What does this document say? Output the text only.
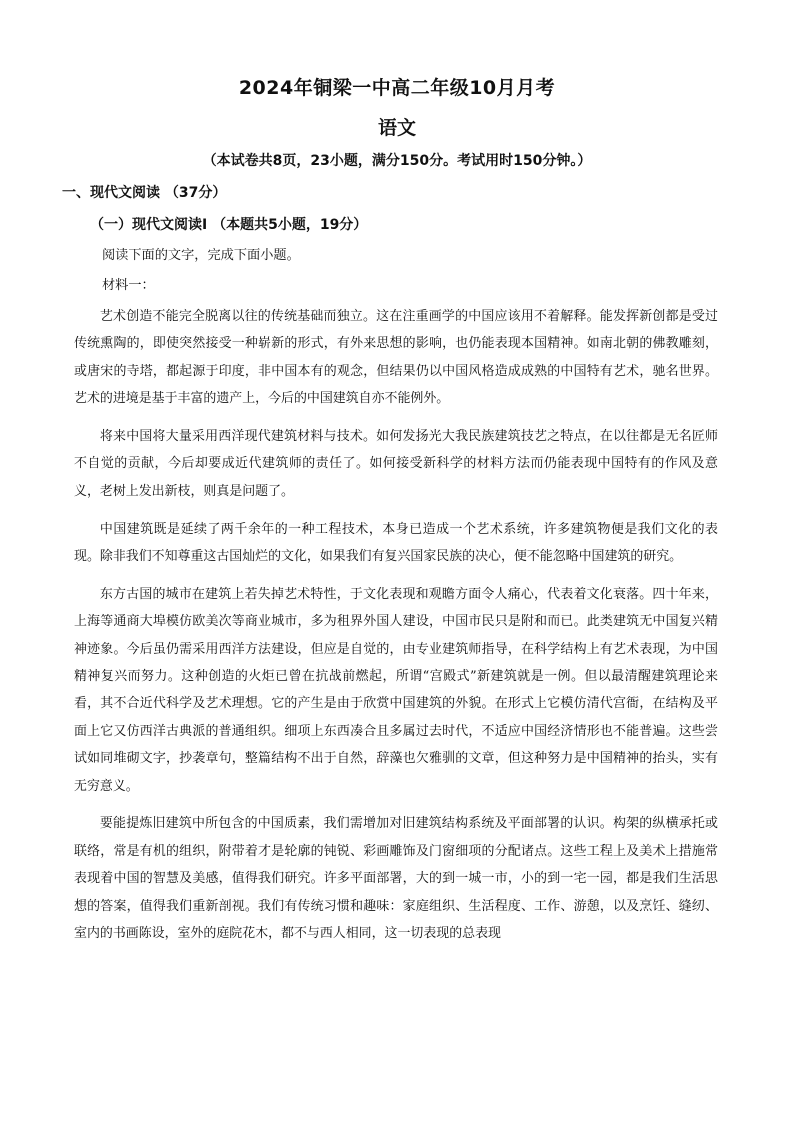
2024年铜梁一中高二年级10月月考
语文
（本试卷共8页，23小题，满分150分。考试用时150分钟。）
一、现代文阅读 （37分）
（一）现代文阅读Ⅰ （本题共5小题，19分）
阅读下面的文字，完成下面小题。
材料一：

艺术创造不能完全脱离以往的传统基础而独立。这在注重画学的中国应该用不着解释。能发挥新创都是受过传统熏陶的，即使突然接受一种崭新的形式，有外来思想的影响，也仍能表现本国精神。如南北朝的佛教雕刻，或唐宋的寺塔，都起源于印度，非中国本有的观念，但结果仍以中国风格造成成熟的中国特有艺术，驰名世界。艺术的进境是基于丰富的遗产上，今后的中国建筑自亦不能例外。

将来中国将大量采用西洋现代建筑材料与技术。如何发扬光大我民族建筑技艺之特点，在以往都是无名匠师不自觉的贡献，今后却要成近代建筑师的责任了。如何接受新科学的材料方法而仍能表现中国特有的作风及意义，老树上发出新枝，则真是问题了。

中国建筑既是延续了两千余年的一种工程技术，本身已造成一个艺术系统，许多建筑物便是我们文化的表现。除非我们不知尊重这古国灿烂的文化，如果我们有复兴国家民族的决心，便不能忽略中国建筑的研究。

东方古国的城市在建筑上若失掉艺术特性，于文化表现和观瞻方面令人痛心，代表着文化衰落。四十年来，上海等通商大埠模仿欧美次等商业城市，多为租界外国人建设，中国市民只是附和而已。此类建筑无中国复兴精神迹象。今后虽仍需采用西洋方法建设，但应是自觉的，由专业建筑师指导，在科学结构上有艺术表现，为中国精神复兴而努力。这种创造的火炬已曾在抗战前燃起，所谓“宫殿式”新建筑就是一例。但以最清醒建筑理论来看，其不合近代科学及艺术理想。它的产生是由于欣赏中国建筑的外貌。在形式上它模仿清代宫衙，在结构及平面上它又仿西洋古典派的普通组织。细项上东西凑合且多属过去时代，不适应中国经济情形也不能普遍。这些尝试如同堆砌文字，抄袭章句，整篇结构不出于自然，辞藻也欠雅驯的文章，但这种努力是中国精神的抬头，实有无穷意义。

要能提炼旧建筑中所包含的中国质素，我们需增加对旧建筑结构系统及平面部署的认识。构架的纵横承托或联络，常是有机的组织，附带着才是轮廓的钝锐、彩画雕饰及门窗细项的分配诸点。这些工程上及美术上措施常表现着中国的智慧及美感，值得我们研究。许多平面部署，大的到一城一市，小的到一宅一园，都是我们生活思想的答案，值得我们重新剖视。我们有传统习惯和趣味：家庭组织、生活程度、工作、游憩，以及烹饪、缝纫、室内的书画陈设，室外的庭院花木，都不与西人相同，这一切表现的总表现
